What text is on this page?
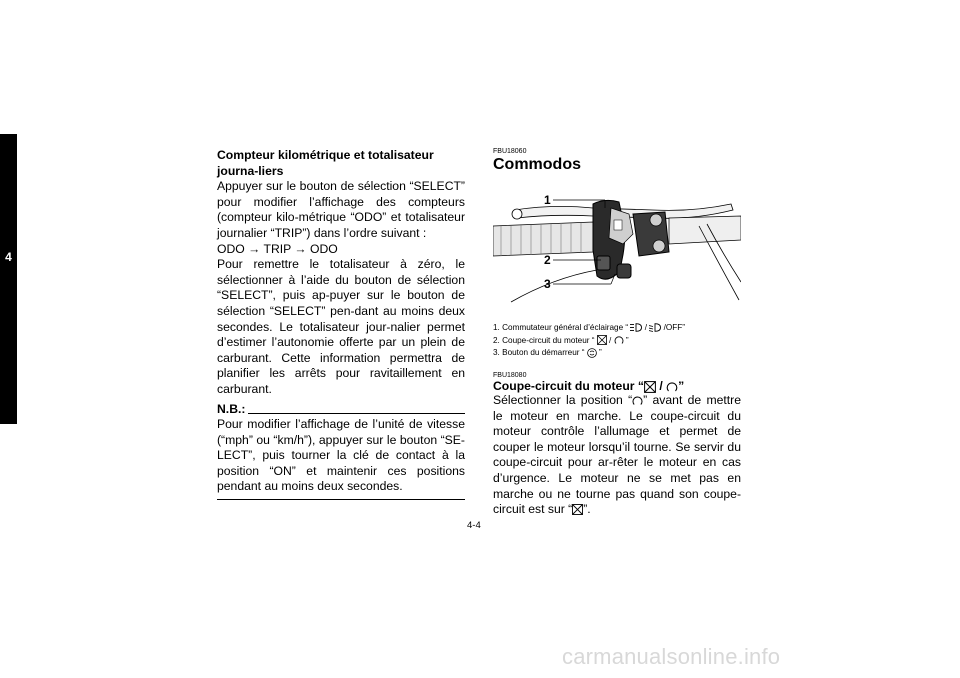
4
Compteur kilométrique et totalisateur journa-liers
Appuyer sur le bouton de sélection “SELECT” pour modifier l’affichage des compteurs (compteur kilo-métrique “ODO” et totalisateur journalier “TRIP”) dans l’ordre suivant :
ODO → TRIP → ODO
Pour remettre le totalisateur à zéro, le sélectionner à l’aide du bouton de sélection “SELECT”, puis ap-puyer sur le bouton de sélection “SELECT” pen-dant au moins deux secondes. Le totalisateur jour-nalier permet d’estimer l’autonomie offerte par un plein de carburant. Cette information permettra de planifier les arrêts pour ravitaillement en carburant.
N.B.:
Pour modifier l’affichage de l’unité de vitesse (“mph” ou “km/h”), appuyer sur le bouton “SE-LECT”, puis tourner la clé de contact à la position “ON” et maintenir ces positions pendant au moins deux secondes.
FBU18060
Commodos
1
2
3
1. Commutateur général d’éclairage “ / /OFF”
2. Coupe-circuit du moteur “ / ”
3. Bouton du démarreur “ ”
FBU18080
Coupe-circuit du moteur “ / ”
Sélectionner la position “ ” avant de mettre le moteur en marche. Le coupe-circuit du moteur contrôle l’allumage et permet de couper le moteur lorsqu’il tourne. Se servir du coupe-circuit pour ar-rêter le moteur en cas d’urgence. Le moteur ne se met pas en marche ou ne tourne pas quand son coupe-circuit est sur “ ”.
4-4
carmanualsonline.info
